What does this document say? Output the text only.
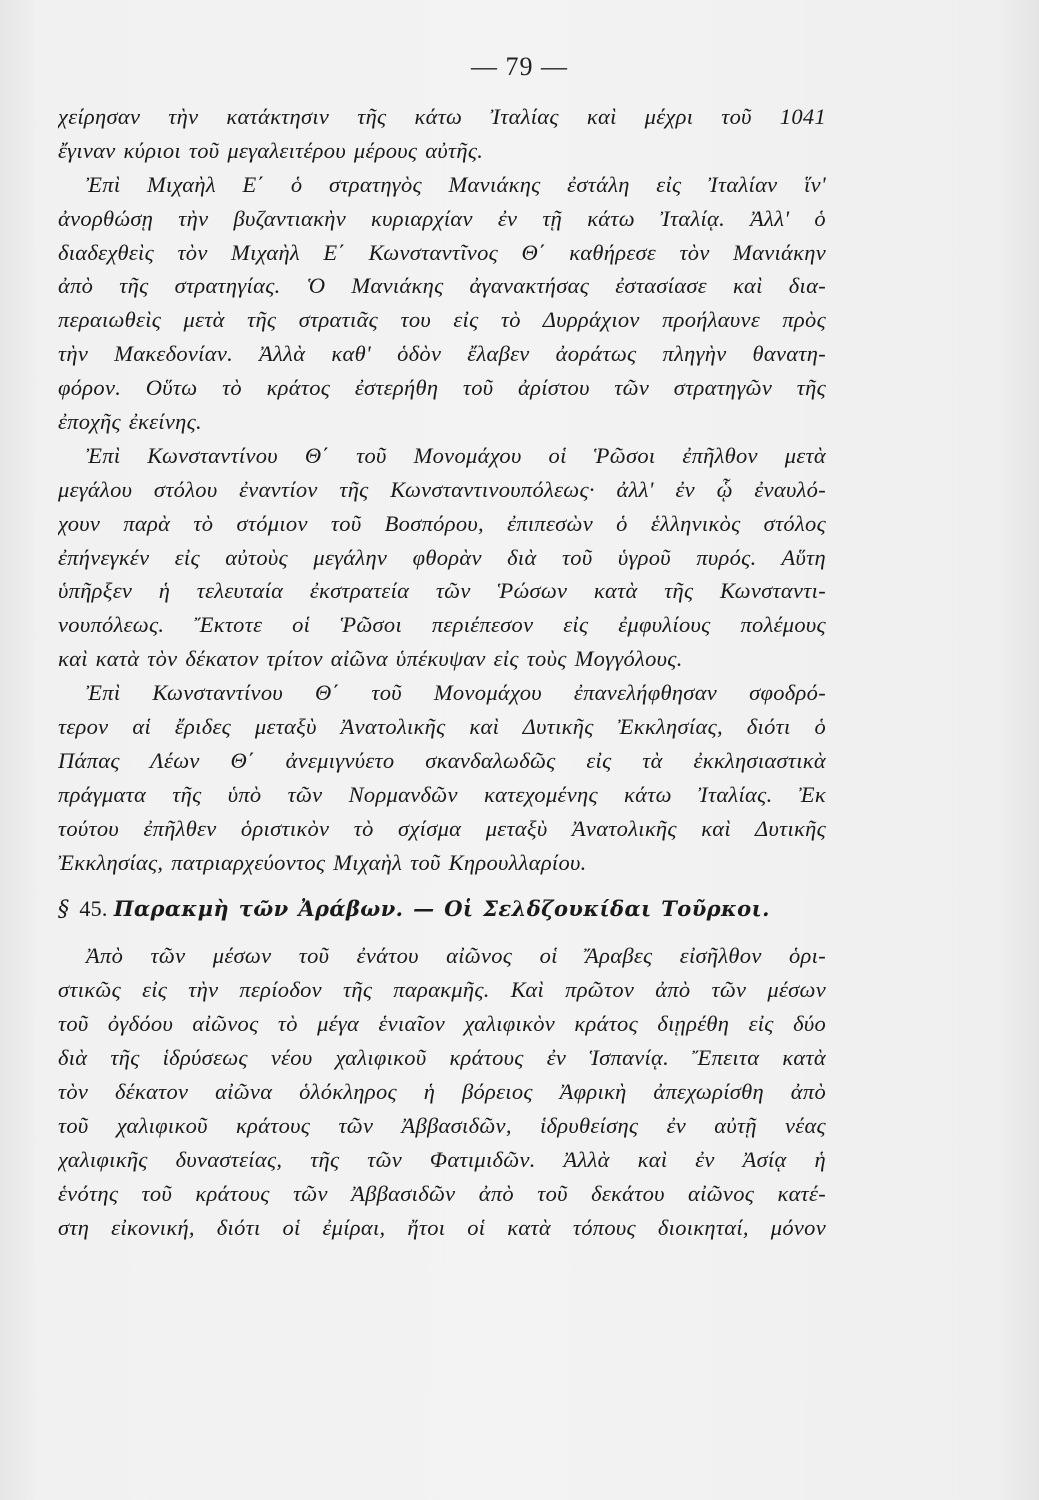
— 79 —
χείρησαν τὴν κατάκτησιν τῆς κάτω Ἰταλίας καὶ μέχρι τοῦ 1041
ἔγιναν κύριοι τοῦ μεγαλειτέρου μέρους αὐτῆς.
Ἐπὶ Μιχαὴλ Ε΄ ὁ στρατηγὸς Μανιάκης ἐστάλη εἰς Ἰταλίαν ἵν'
ἀνορθώσῃ τὴν βυζαντιακὴν κυριαρχίαν ἐν τῇ κάτω Ἰταλίᾳ. Ἀλλ' ὁ
διαδεχθεὶς τὸν Μιχαὴλ Ε΄ Κωνσταντῖνος Θ΄ καθήρεσε τὸν Μανιάκην
ἀπὸ τῆς στρατηγίας. Ὁ Μανιάκης ἀγανακτήσας ἐστασίασε καὶ δια-
περαιωθεὶς μετὰ τῆς στρατιᾶς του εἰς τὸ Δυρράχιον προήλαυνε πρὸς
τὴν Μακεδονίαν. Ἀλλὰ καθ' ὁδὸν ἔλαβεν ἀοράτως πληγὴν θανατη-
φόρον. Οὕτω τὸ κράτος ἐστερήθη τοῦ ἀρίστου τῶν στρατηγῶν τῆς
ἐποχῆς ἐκείνης.
Ἐπὶ Κωνσταντίνου Θ΄ τοῦ Μονομάχου οἱ Ῥῶσοι ἐπῆλθον μετὰ
μεγάλου στόλου ἐναντίον τῆς Κωνσταντινουπόλεως· ἀλλ' ἐν ᾧ ἐναυλό-
χουν παρὰ τὸ στόμιον τοῦ Βοσπόρου, ἐπιπεσὼν ὁ ἑλληνικὸς στόλος
ἐπήνεγκέν εἰς αὐτοὺς μεγάλην φθορὰν διὰ τοῦ ὑγροῦ πυρός. Αὕτη
ὑπῆρξεν ἡ τελευταία ἐκστρατεία τῶν Ῥώσων κατὰ τῆς Κωνσταντι-
νουπόλεως. Ἔκτοτε οἱ Ῥῶσοι περιέπεσον εἰς ἐμφυλίους πολέμους
καὶ κατὰ τὸν δέκατον τρίτον αἰῶνα ὑπέκυψαν εἰς τοὺς Μογγόλους.
Ἐπὶ Κωνσταντίνου Θ΄ τοῦ Μονομάχου ἐπανελήφθησαν σφοδρό-
τερον αἱ ἔριδες μεταξὺ Ἀνατολικῆς καὶ Δυτικῆς Ἐκκλησίας, διότι ὁ
Πάπας Λέων Θ΄ ἀνεμιγνύετο σκανδαλωδῶς εἰς τὰ ἐκκλησιαστικὰ
πράγματα τῆς ὑπὸ τῶν Νορμανδῶν κατεχομένης κάτω Ἰταλίας. Ἐκ
τούτου ἐπῆλθεν ὁριστικὸν τὸ σχίσμα μεταξὺ Ἀνατολικῆς καὶ Δυτικῆς
Ἐκκλησίας, πατριαρχεύοντος Μιχαὴλ τοῦ Κηρουλλαρίου.
§ 45. Παρακμὴ τῶν Ἀράβων. — Οἱ Σελδζουκίδαι Τοῦρκοι.
Ἀπὸ τῶν μέσων τοῦ ἐνάτου αἰῶνος οἱ Ἄραβες εἰσῆλθον ὁρι-
στικῶς εἰς τὴν περίοδον τῆς παρακμῆς. Καὶ πρῶτον ἀπὸ τῶν μέσων
τοῦ ὀγδόου αἰῶνος τὸ μέγα ἑνιαῖον χαλιφικὸν κράτος διῃρέθη εἰς δύο
διὰ τῆς ἱδρύσεως νέου χαλιφικοῦ κράτους ἐν Ἱσπανίᾳ. Ἔπειτα κατὰ
τὸν δέκατον αἰῶνα ὁλόκληρος ἡ βόρειος Ἀφρικὴ ἀπεχωρίσθη ἀπὸ
τοῦ χαλιφικοῦ κράτους τῶν Ἀββασιδῶν, ἱδρυθείσης ἐν αὐτῇ νέας
χαλιφικῆς δυναστείας, τῆς τῶν Φατιμιδῶν. Ἀλλὰ καὶ ἐν Ἀσίᾳ ἡ
ἑνότης τοῦ κράτους τῶν Ἀββασιδῶν ἀπὸ τοῦ δεκάτου αἰῶνος κατέ-
στη εἰκονική, διότι οἱ ἐμίραι, ἤτοι οἱ κατὰ τόπους διοικηταί, μόνον
